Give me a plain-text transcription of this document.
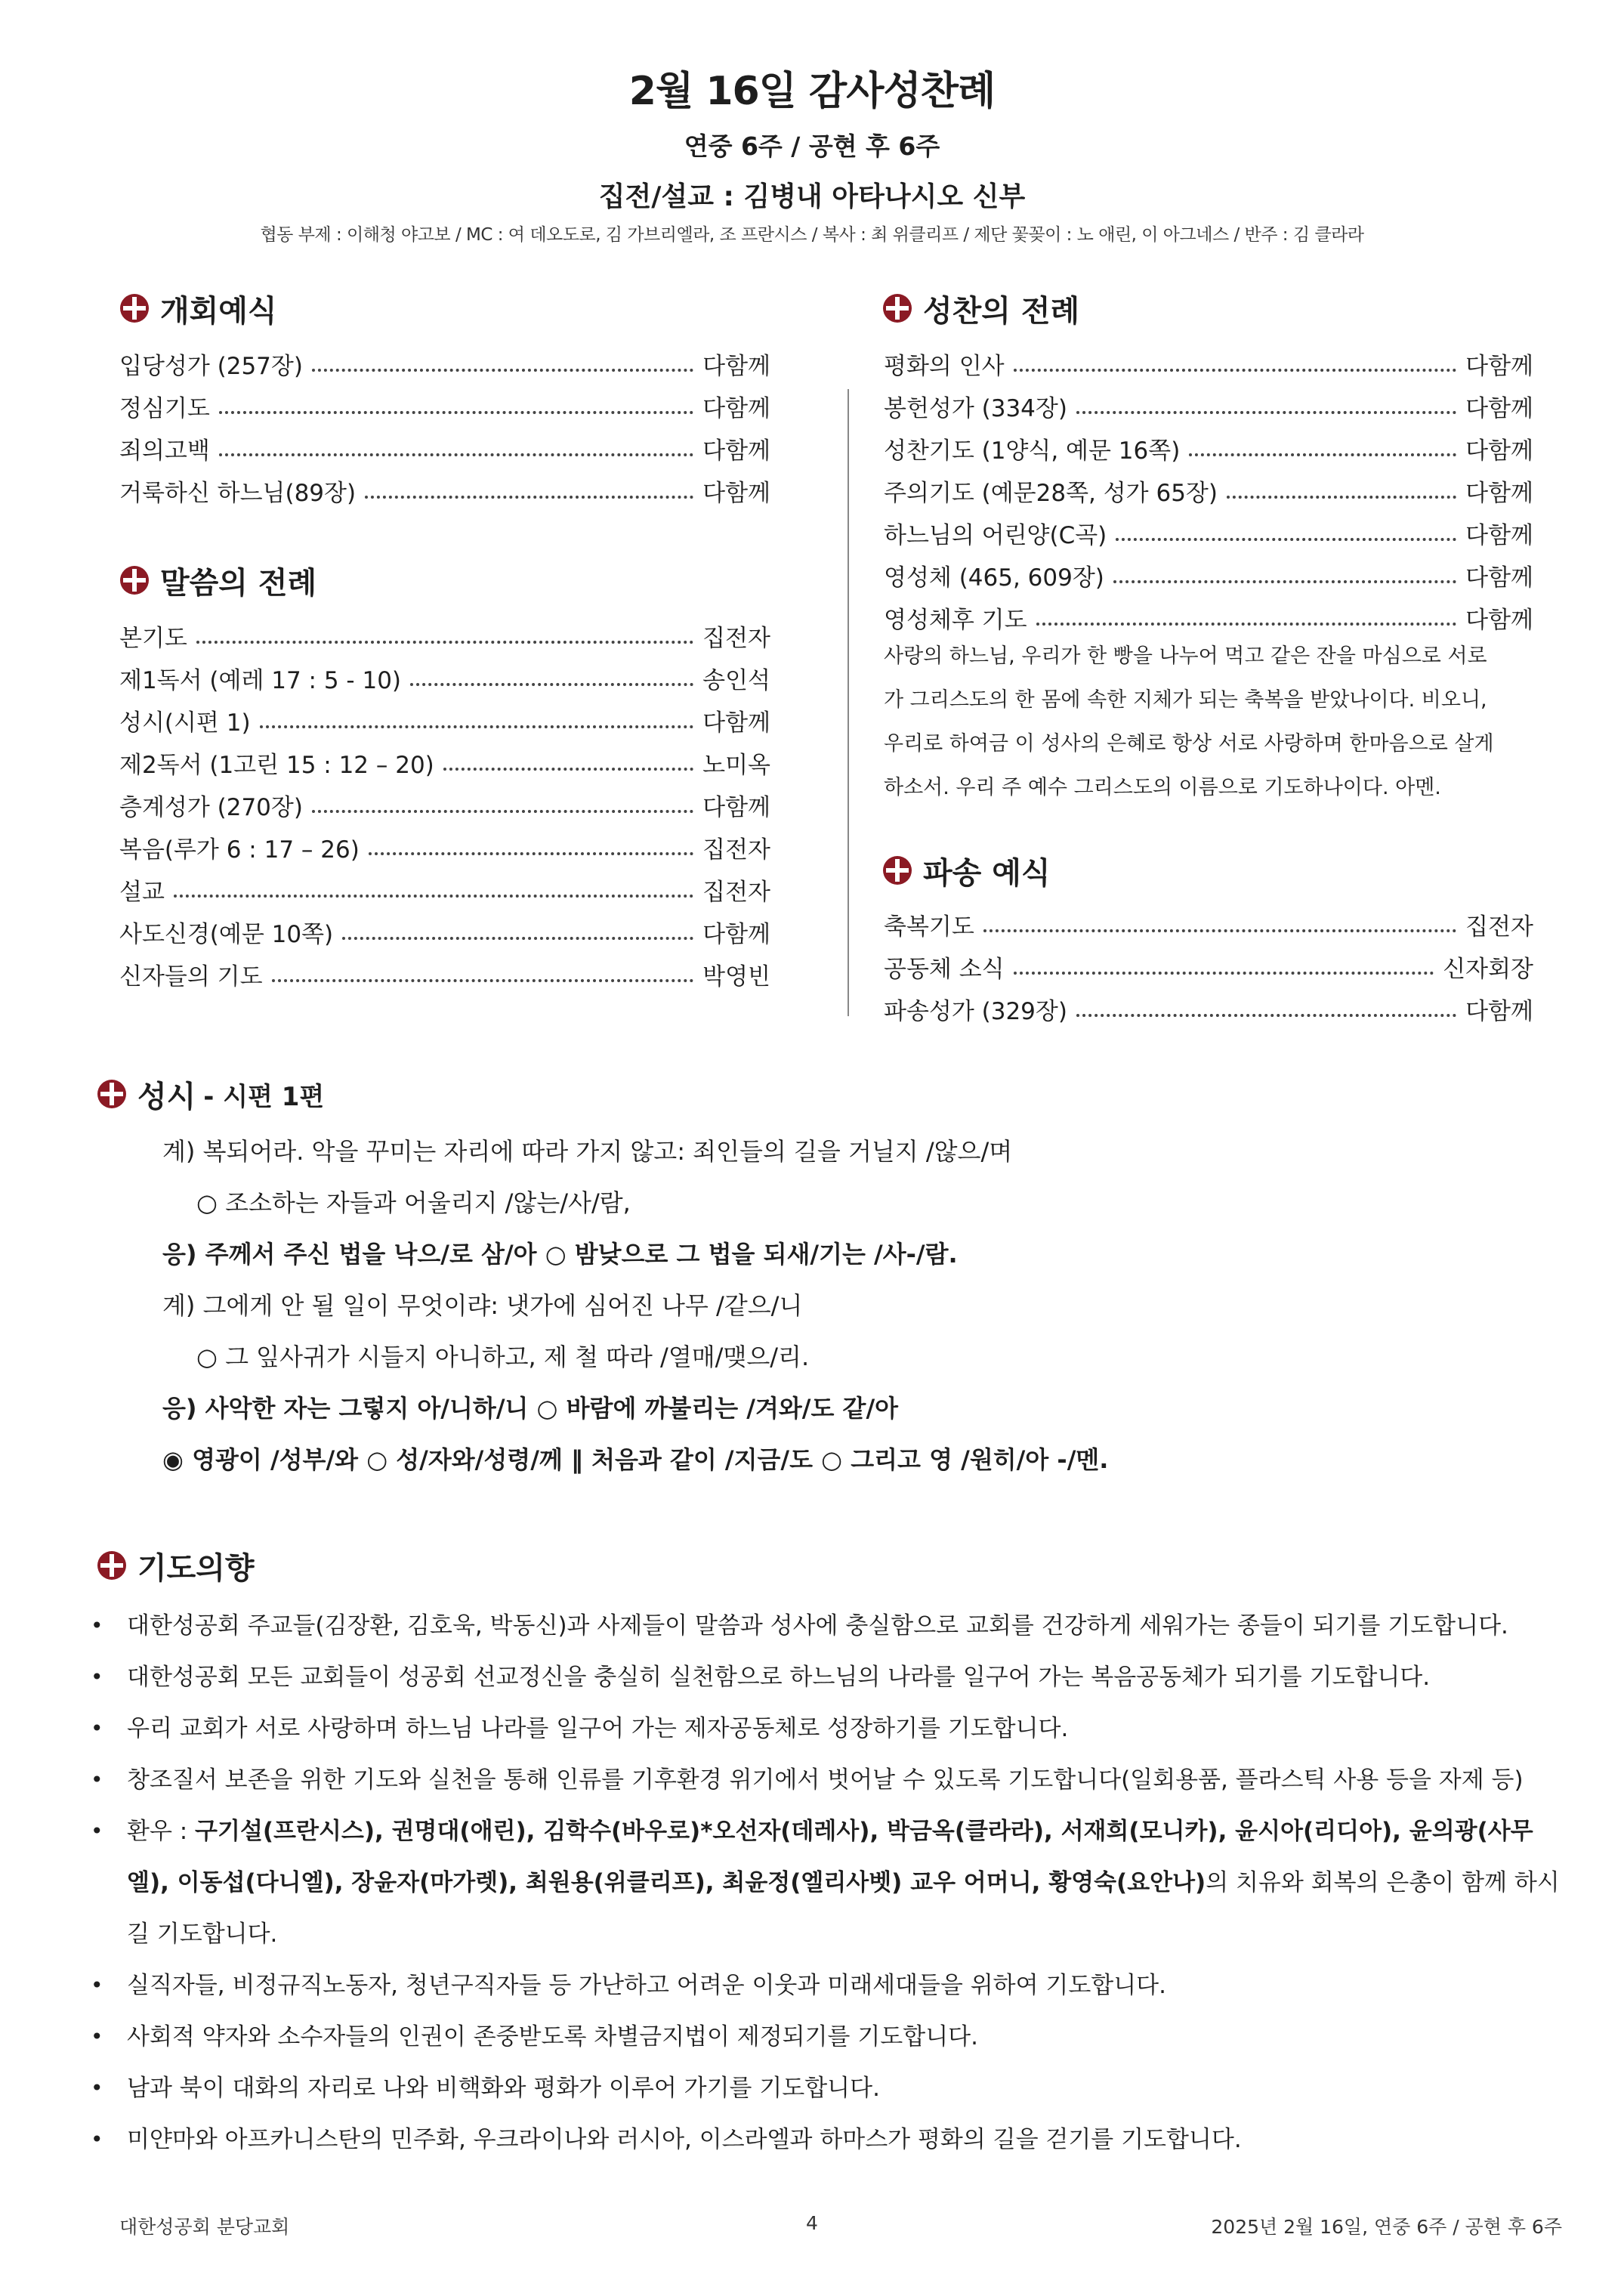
2월 16일 감사성찬례
연중 6주 / 공현 후 6주
집전/설교 : 김병내 아타나시오 신부
협동 부제 : 이해청 야고보 / MC : 여 데오도로, 김 가브리엘라, 조 프란시스 / 복사 : 최 위클리프 / 제단 꽃꽂이 : 노 애린, 이 아그네스 / 반주 : 김 클라라
개회예식
입당성가 (257장)	다함께
정심기도	다함께
죄의고백	다함께
거룩하신 하느님(89장)	다함께
말씀의 전례
본기도	집전자
제1독서 (예레 17 : 5 - 10)	송인석
성시(시편 1)	다함께
제2독서 (1고린 15 : 12 – 20)	노미옥
층계성가 (270장)	다함께
복음(루가 6 : 17 – 26)	집전자
설교	집전자
사도신경(예문 10쪽)	다함께
신자들의 기도	박영빈
성찬의 전례
평화의 인사	다함께
봉헌성가 (334장)	다함께
성찬기도 (1양식, 예문 16쪽)	다함께
주의기도 (예문28쪽, 성가 65장)	다함께
하느님의 어린양(C곡)	다함께
영성체 (465, 609장)	다함께
영성체후 기도	다함께
사랑의 하느님, 우리가 한 빵을 나누어 먹고 같은 잔을 마심으로 서로
가 그리스도의 한 몸에 속한 지체가 되는 축복을 받았나이다. 비오니,
우리로 하여금 이 성사의 은혜로 항상 서로 사랑하며 한마음으로 살게
하소서. 우리 주 예수 그리스도의 이름으로 기도하나이다. 아멘.
파송 예식
축복기도	집전자
공동체 소식	신자회장
파송성가 (329장)	다함께
성시 - 시편 1편
계) 복되어라. 악을 꾸미는 자리에 따라 가지 않고: 죄인들의 길을 거닐지 /않으/며
○ 조소하는 자들과 어울리지 /않는/사/람,
응) 주께서 주신 법을 낙으/로 삼/아 ○ 밤낮으로 그 법을 되새/기는 /사-/람.
계) 그에게 안 될 일이 무엇이랴: 냇가에 심어진 나무 /같으/니
○ 그 잎사귀가 시들지 아니하고, 제 철 따라 /열매/맺으/리.
응) 사악한 자는 그렇지 아/니하/니 ○ 바람에 까불리는 /겨와/도 같/아
◉ 영광이 /성부/와 ○ 성/자와/성령/께 ‖ 처음과 같이 /지금/도 ○ 그리고 영 /원히/아 -/멘.
기도의향
• 대한성공회 주교들(김장환, 김호욱, 박동신)과 사제들이 말씀과 성사에 충실함으로 교회를 건강하게 세워가는 종들이 되기를 기도합니다.
• 대한성공회 모든 교회들이 성공회 선교정신을 충실히 실천함으로 하느님의 나라를 일구어 가는 복음공동체가 되기를 기도합니다.
• 우리 교회가 서로 사랑하며 하느님 나라를 일구어 가는 제자공동체로 성장하기를 기도합니다.
• 창조질서 보존을 위한 기도와 실천을 통해 인류를 기후환경 위기에서 벗어날 수 있도록 기도합니다(일회용품, 플라스틱 사용 등을 자제 등)
• 환우 : 구기설(프란시스), 권명대(애린), 김학수(바우로)*오선자(데레사), 박금옥(클라라), 서재희(모니카), 윤시아(리디아), 윤의광(사무엘), 이동섭(다니엘), 장윤자(마가렛), 최원용(위클리프), 최윤정(엘리사벳) 교우 어머니, 황영숙(요안나)의 치유와 회복의 은총이 함께 하시길 기도합니다.
• 실직자들, 비정규직노동자, 청년구직자들 등 가난하고 어려운 이웃과 미래세대들을 위하여 기도합니다.
• 사회적 약자와 소수자들의 인권이 존중받도록 차별금지법이 제정되기를 기도합니다.
• 남과 북이 대화의 자리로 나와 비핵화와 평화가 이루어 가기를 기도합니다.
• 미얀마와 아프카니스탄의 민주화, 우크라이나와 러시아, 이스라엘과 하마스가 평화의 길을 걷기를 기도합니다.
대한성공회 분당교회	4	2025년 2월 16일, 연중 6주 / 공현 후 6주
